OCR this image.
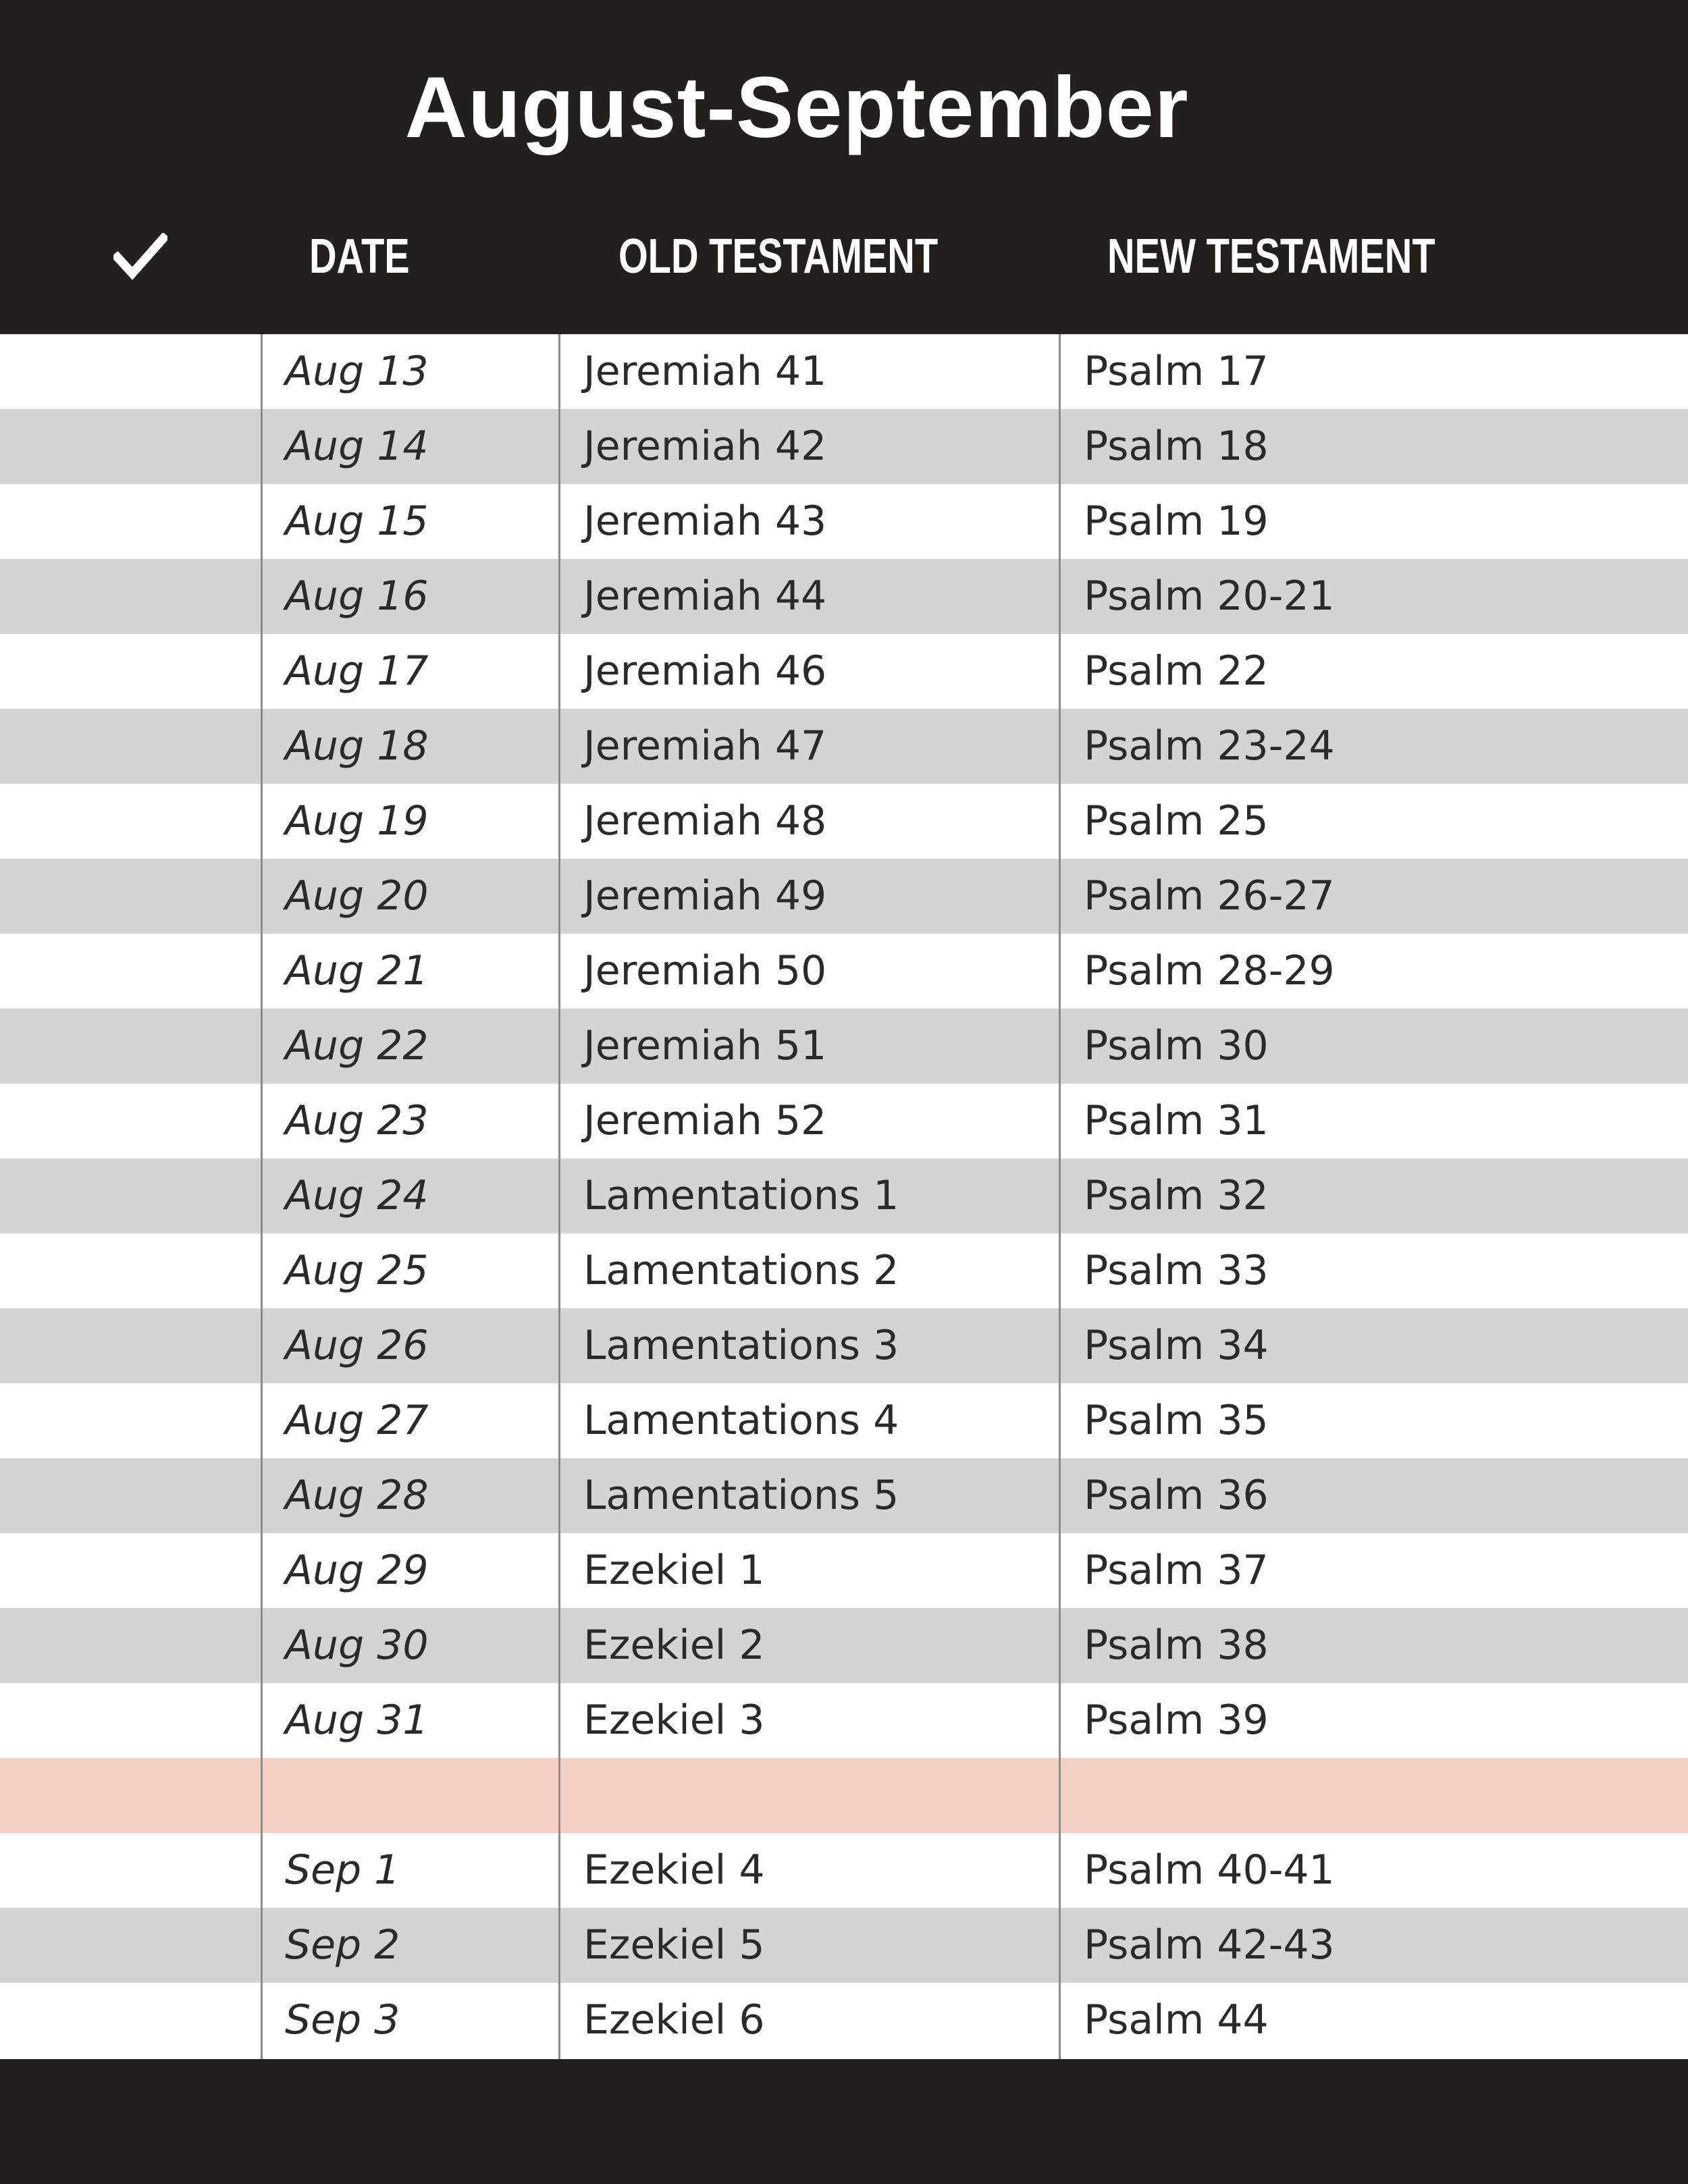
August-September
DATE	OLD TESTAMENT	NEW TESTAMENT
Aug 13	Jeremiah 41	Psalm 17
Aug 14	Jeremiah 42	Psalm 18
Aug 15	Jeremiah 43	Psalm 19
Aug 16	Jeremiah 44	Psalm 20-21
Aug 17	Jeremiah 46	Psalm 22
Aug 18	Jeremiah 47	Psalm 23-24
Aug 19	Jeremiah 48	Psalm 25
Aug 20	Jeremiah 49	Psalm 26-27
Aug 21	Jeremiah 50	Psalm 28-29
Aug 22	Jeremiah 51	Psalm 30
Aug 23	Jeremiah 52	Psalm 31
Aug 24	Lamentations 1	Psalm 32
Aug 25	Lamentations 2	Psalm 33
Aug 26	Lamentations 3	Psalm 34
Aug 27	Lamentations 4	Psalm 35
Aug 28	Lamentations 5	Psalm 36
Aug 29	Ezekiel 1	Psalm 37
Aug 30	Ezekiel 2	Psalm 38
Aug 31	Ezekiel 3	Psalm 39
Sep 1	Ezekiel 4	Psalm 40-41
Sep 2	Ezekiel 5	Psalm 42-43
Sep 3	Ezekiel 6	Psalm 44
